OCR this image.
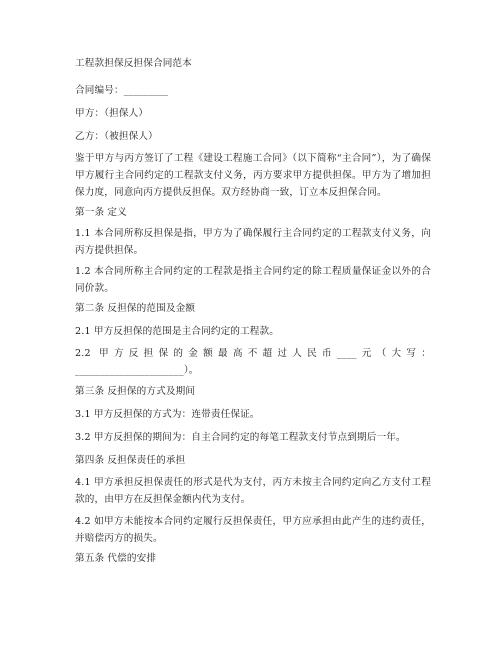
工程款担保反担保合同范本
合同编号：_________
甲方：（担保人）
乙方：（被担保人）
鉴于甲方与丙方签订了工程《建设工程施工合同》（以下简称“主合同”），为了确保甲方履行主合同约定的工程款支付义务，丙方要求甲方提供担保。甲方为了增加担保力度，同意向丙方提供反担保。双方经协商一致，订立本反担保合同。
第一条 定义
1.1 本合同所称反担保是指，甲方为了确保履行主合同约定的工程款支付义务，向丙方提供担保。
1.2 本合同所称主合同约定的工程款是指主合同约定的除工程质量保证金以外的合同价款。
第二条 反担保的范围及金额
2.1 甲方反担保的范围是主合同约定的工程款。
2.2 甲方反担保的金额最高不超过人民币____元（大写：______________________）。
第三条 反担保的方式及期间
3.1 甲方反担保的方式为：连带责任保证。
3.2 甲方反担保的期间为：自主合同约定的每笔工程款支付节点到期后一年。
第四条 反担保责任的承担
4.1 甲方承担反担保责任的形式是代为支付，丙方未按主合同约定向乙方支付工程款的，由甲方在反担保金额内代为支付。
4.2 如甲方未能按本合同约定履行反担保责任，甲方应承担由此产生的违约责任，并赔偿丙方的损失。
第五条 代偿的安排
